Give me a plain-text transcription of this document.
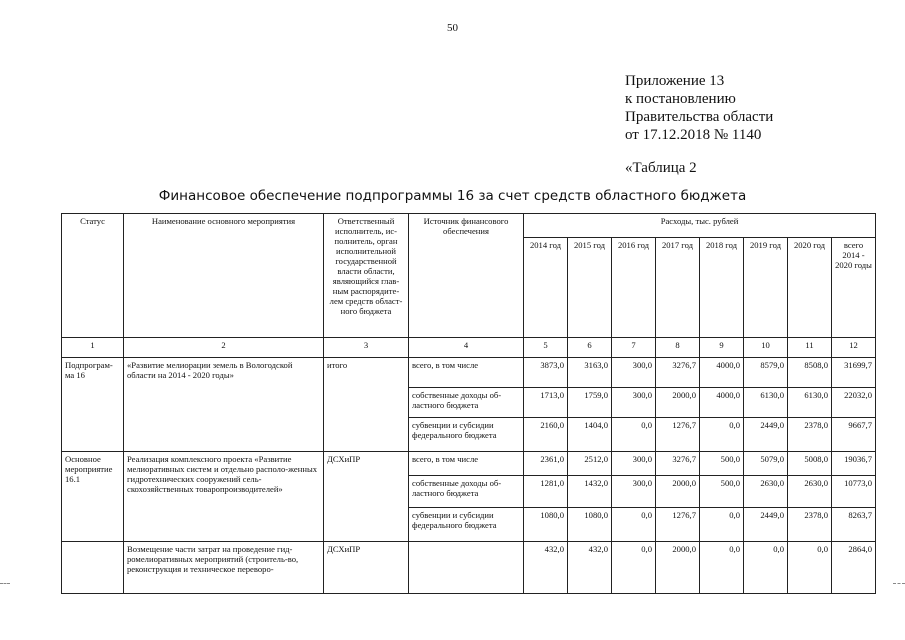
50
Приложение 13
к постановлению
Правительства области
от 17.12.2018 № 1140
«Таблица 2
Финансовое обеспечение подпрограммы 16 за счет средств областного бюджета
Статус	Наименование основного мероприятия	Ответственный исполнитель, ис-полнитель, орган исполнительной государственной власти области, являющийся глав-ным распорядите-лем средств област-ного бюджета	Источник финансового обеспечения	Расходы, тыс. рублей							
				2014 год	2015 год	2016 год	2017 год	2018 год	2019 год	2020 год	всего 2014 - 2020 годы
1	2	3	4	5	6	7	8	9	10	11	12
Подпрограм-ма 16	«Развитие мелиорации земель в Вологодской области на 2014 - 2020 годы»	итого	всего, в том числе	3873,0	3163,0	300,0	3276,7	4000,0	8579,0	8508,0	31699,7
			собственные доходы об-ластного бюджета	1713,0	1759,0	300,0	2000,0	4000,0	6130,0	6130,0	22032,0
			субвенции и субсидии федерального бюджета	2160,0	1404,0	0,0	1276,7	0,0	2449,0	2378,0	9667,7
Основное мероприятие 16.1	Реализация комплексного проекта «Развитие мелиоративных систем и отдельно располо-женных гидротехнических сооружений сель-скохозяйственных товаропроизводителей»	ДСХиПР	всего, в том числе	2361,0	2512,0	300,0	3276,7	500,0	5079,0	5008,0	19036,7
			собственные доходы об-ластного бюджета	1281,0	1432,0	300,0	2000,0	500,0	2630,0	2630,0	10773,0
			субвенции и субсидии федерального бюджета	1080,0	1080,0	0,0	1276,7	0,0	2449,0	2378,0	8263,7
	Возмещение части затрат на проведение гид-ромелиоративных мероприятий (строитель-во, реконструкция и техническое переворо-	ДСХиПР		432,0	432,0	0,0	2000,0	0,0	0,0	0,0	2864,0
